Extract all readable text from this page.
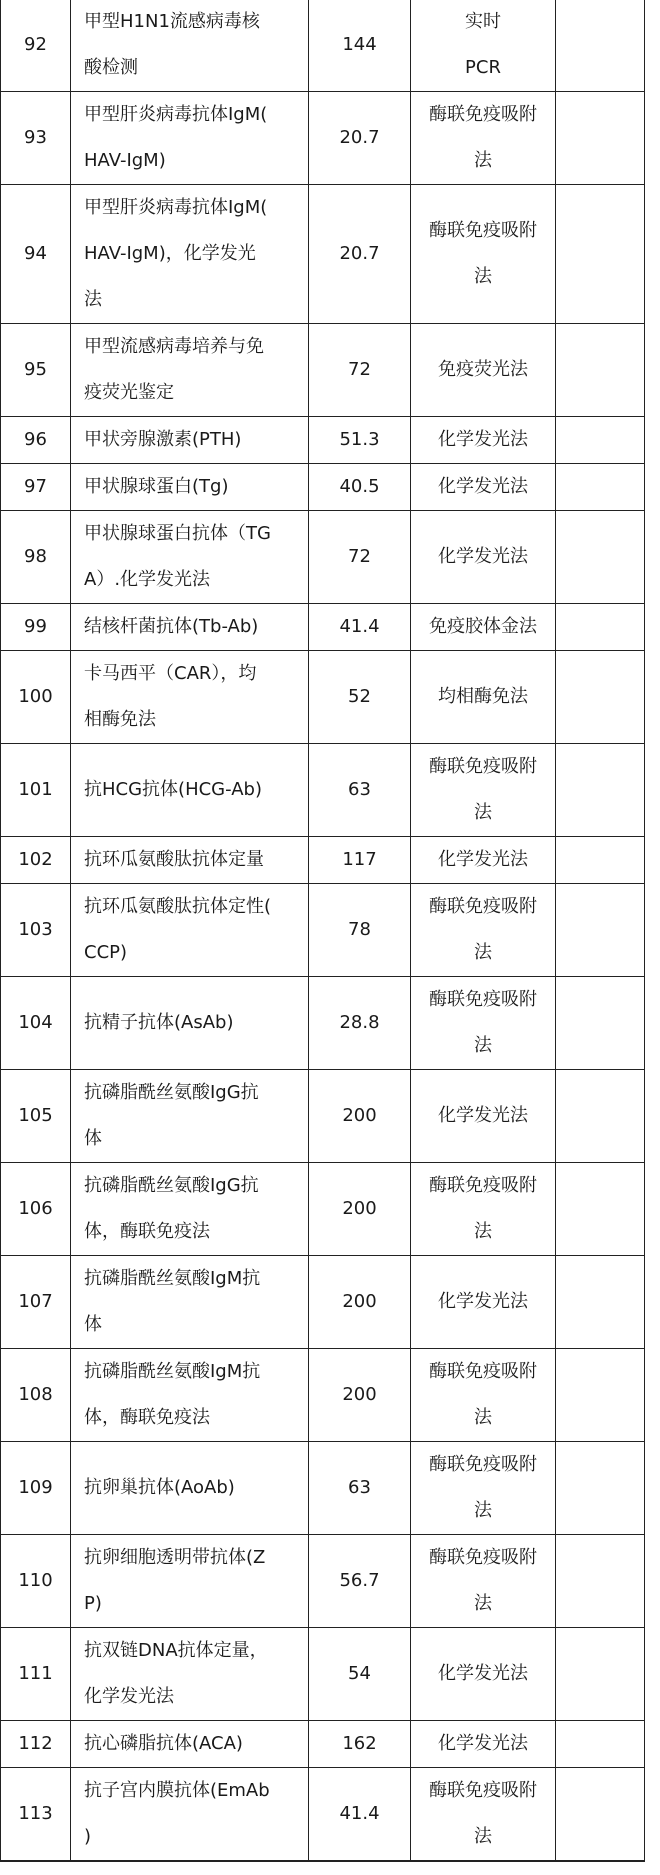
92	甲型H1N1流感病毒核
酸检测	144	实时
PCR	

93	甲型肝炎病毒抗体IgM(
HAV-IgM)	20.7	酶联免疫吸附
法	

94	甲型肝炎病毒抗体IgM(
HAV-IgM)，化学发光
法	20.7	酶联免疫吸附
法	

95	甲型流感病毒培养与免
疫荧光鉴定	72	免疫荧光法	

96	甲状旁腺激素(PTH)	51.3	化学发光法	

97	甲状腺球蛋白(Tg)	40.5	化学发光法	

98	甲状腺球蛋白抗体（TG
A）.化学发光法	72	化学发光法	

99	结核杆菌抗体(Tb-Ab)	41.4	免疫胶体金法	

100	卡马西平（CAR），均
相酶免法	52	均相酶免法	

101	抗HCG抗体(HCG-Ab)	63	酶联免疫吸附
法	

102	抗环瓜氨酸肽抗体定量	117	化学发光法	

103	抗环瓜氨酸肽抗体定性(
CCP)	78	酶联免疫吸附
法	

104	抗精子抗体(AsAb)	28.8	酶联免疫吸附
法	

105	抗磷脂酰丝氨酸IgG抗
体	200	化学发光法	

106	抗磷脂酰丝氨酸IgG抗
体，酶联免疫法	200	酶联免疫吸附
法	

107	抗磷脂酰丝氨酸IgM抗
体	200	化学发光法	

108	抗磷脂酰丝氨酸IgM抗
体，酶联免疫法	200	酶联免疫吸附
法	

109	抗卵巢抗体(AoAb)	63	酶联免疫吸附
法	

110	抗卵细胞透明带抗体(Z
P)	56.7	酶联免疫吸附
法	

111	抗双链DNA抗体定量，
化学发光法	54	化学发光法	

112	抗心磷脂抗体(ACA)	162	化学发光法	

113	抗子宫内膜抗体(EmAb
)	41.4	酶联免疫吸附
法	
